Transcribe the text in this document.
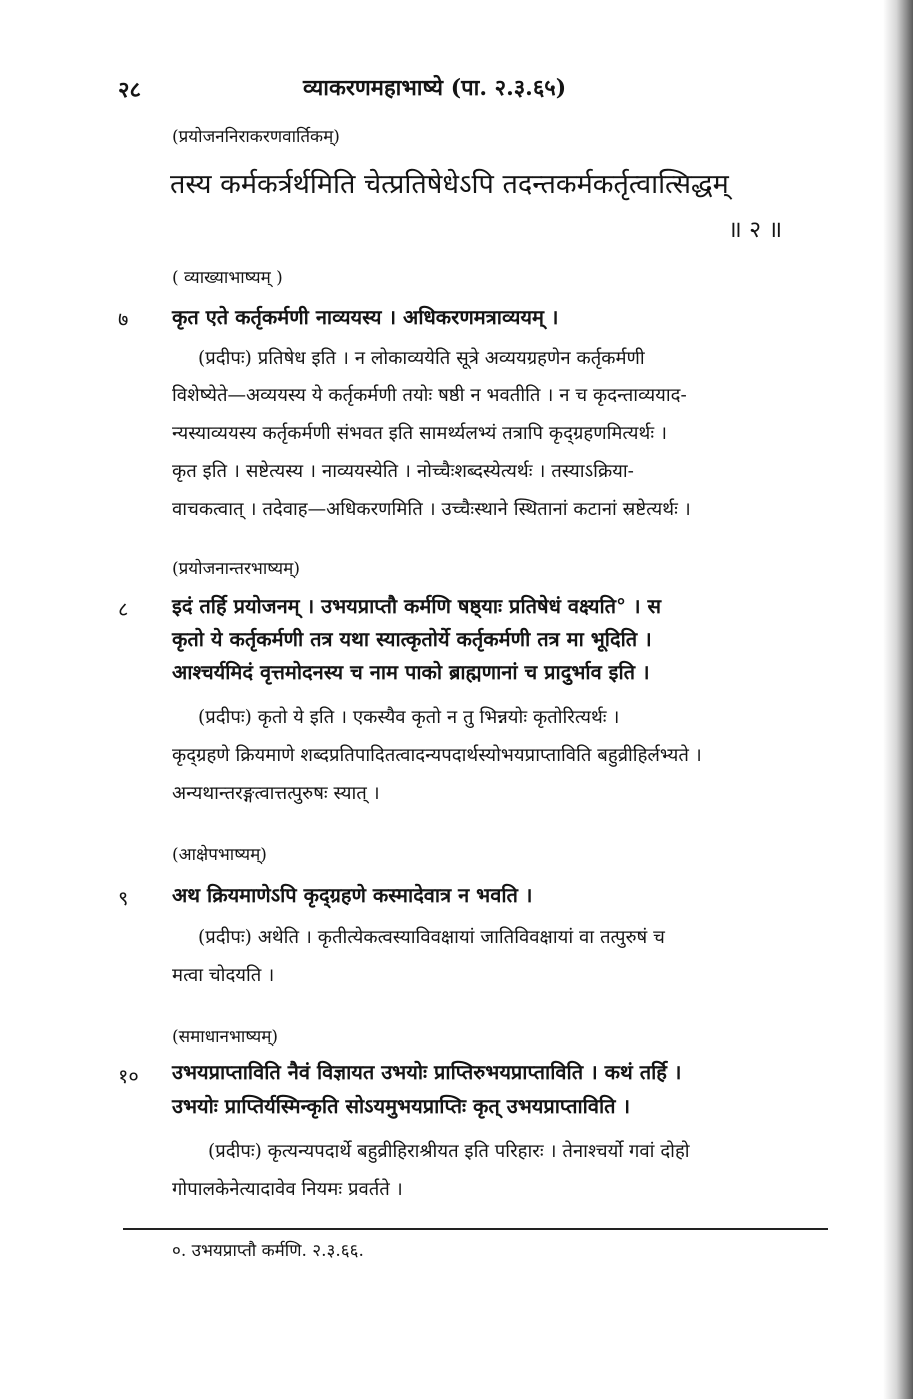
२८	व्याकरणमहाभाष्ये (पा. २.३.६५)
(प्रयोजननिराकरणवार्तिकम्)
तस्य कर्मकर्त्रर्थमिति चेत्प्रतिषेधेऽपि तदन्तकर्मकर्तृत्वात्सिद्धम्
॥ २ ॥
( व्याख्याभाष्यम् )
७ कृत एते कर्तृकर्मणी नाव्ययस्य । अधिकरणमत्राव्ययम् ।
(प्रदीपः) प्रतिषेध इति । न लोकाव्ययेति सूत्रे अव्ययग्रहणेन कर्तृकर्मणी
विशेष्येते—अव्ययस्य ये कर्तृकर्मणी तयोः षष्ठी न भवतीति । न च कृदन्ताव्ययाद-
न्यस्याव्ययस्य कर्तृकर्मणी संभवत इति सामर्थ्यलभ्यं तत्रापि कृद्ग्रहणमित्यर्थः ।
कृत इति । सष्टेत्यस्य । नाव्ययस्येति । नोच्चैःशब्दस्येत्यर्थः । तस्याऽक्रिया-
वाचकत्वात् । तदेवाह—अधिकरणमिति । उच्चैःस्थाने स्थितानां कटानां स्रष्टेत्यर्थः ।
(प्रयोजनान्तरभाष्यम्)
८ इदं तर्हि प्रयोजनम् । उभयप्राप्तौ कर्मणि षष्ठ्याः प्रतिषेधं वक्ष्यति° । स
कृतो ये कर्तृकर्मणी तत्र यथा स्यात्कृतोर्ये कर्तृकर्मणी तत्र मा भूदिति ।
आश्चर्यमिदं वृत्तमोदनस्य च नाम पाको ब्राह्मणानां च प्रादुर्भाव इति ।
(प्रदीपः) कृतो ये इति । एकस्यैव कृतो न तु भिन्नयोः कृतोरित्यर्थः ।
कृद्ग्रहणे क्रियमाणे शब्दप्रतिपादितत्वादन्यपदार्थस्योभयप्राप्ताविति बहुव्रीहिर्लभ्यते ।
अन्यथान्तरङ्गत्वात्तत्पुरुषः स्यात् ।
(आक्षेपभाष्यम्)
९ अथ क्रियमाणेऽपि कृद्ग्रहणे कस्मादेवात्र न भवति ।
(प्रदीपः) अथेति । कृतीत्येकत्वस्याविवक्षायां जातिविवक्षायां वा तत्पुरुषं च
मत्वा चोदयति ।
(समाधानभाष्यम्)
१० उभयप्राप्ताविति नैवं विज्ञायत उभयोः प्राप्तिरुभयप्राप्ताविति । कथं तर्हि ।
उभयोः प्राप्तिर्यस्मिन्कृति सोऽयमुभयप्राप्तिः कृत् उभयप्राप्ताविति ।
(प्रदीपः) कृत्यन्यपदार्थे बहुव्रीहिराश्रीयत इति परिहारः । तेनाश्चर्यो गवां दोहो
गोपालकेनेत्यादावेव नियमः प्रवर्तते ।
०. उभयप्राप्तौ कर्मणि. २.३.६६.
